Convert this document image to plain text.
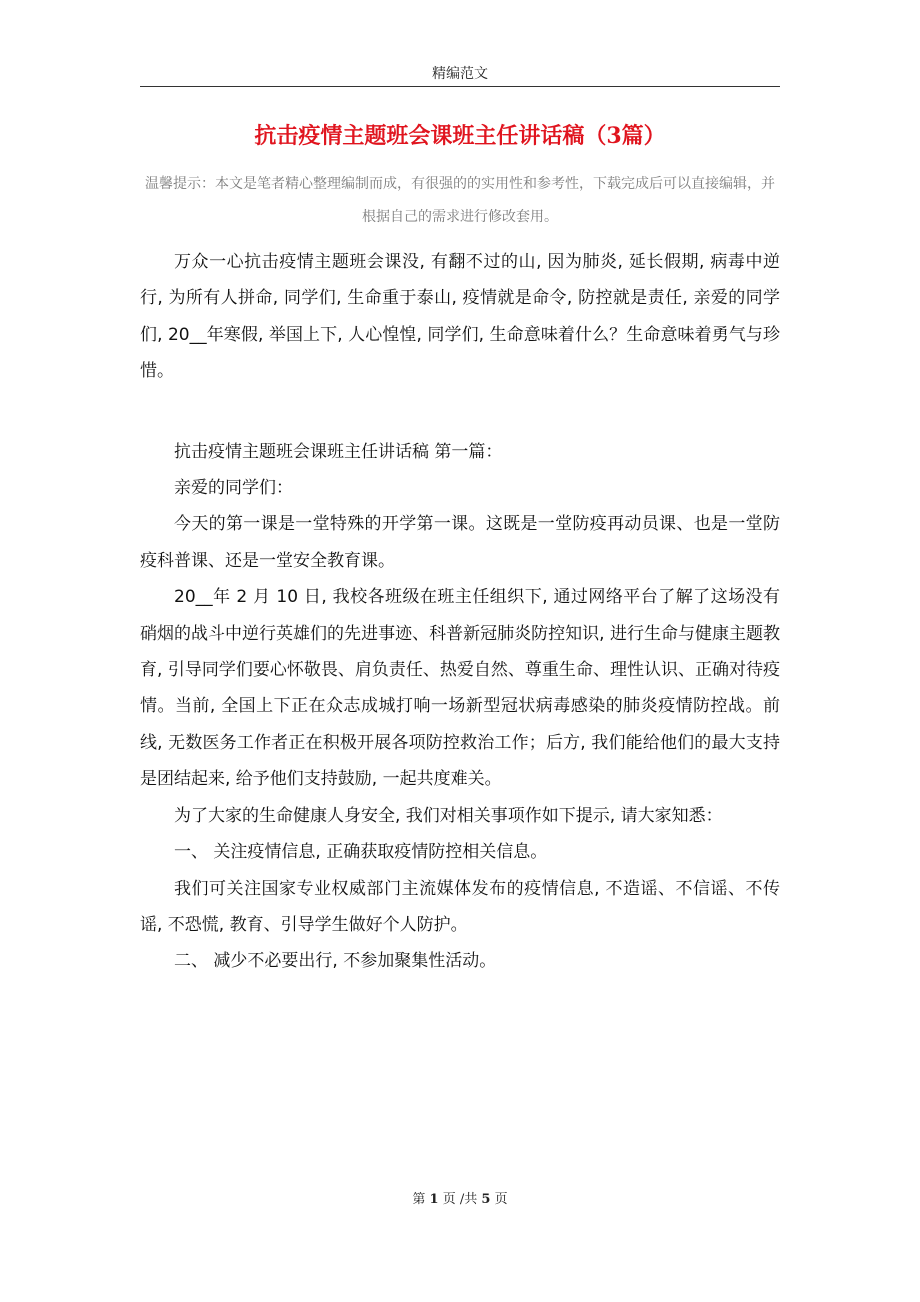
精编范文
抗击疫情主题班会课班主任讲话稿（3篇）
温馨提示：本文是笔者精心整理编制而成，有很强的的实用性和参考性，下载完成后可以直接编辑，并根据自己的需求进行修改套用。

万众一心抗击疫情主题班会课没, 有翻不过的山, 因为肺炎, 延长假期, 病毒中逆行, 为所有人拼命, 同学们, 生命重于泰山, 疫情就是命令, 防控就是责任, 亲爱的同学们, 20__年寒假, 举国上下, 人心惶惶, 同学们, 生命意味着什么？生命意味着勇气与珍惜。

抗击疫情主题班会课班主任讲话稿 第一篇：

亲爱的同学们：

今天的第一课是一堂特殊的开学第一课。这既是一堂防疫再动员课、也是一堂防疫科普课、还是一堂安全教育课。

20__年 2 月 10 日, 我校各班级在班主任组织下, 通过网络平台了解了这场没有硝烟的战斗中逆行英雄们的先进事迹、科普新冠肺炎防控知识, 进行生命与健康主题教育, 引导同学们要心怀敬畏、肩负责任、热爱自然、尊重生命、理性认识、正确对待疫情。当前, 全国上下正在众志成城打响一场新型冠状病毒感染的肺炎疫情防控战。前线, 无数医务工作者正在积极开展各项防控救治工作；后方, 我们能给他们的最大支持是团结起来, 给予他们支持鼓励, 一起共度难关。

为了大家的生命健康人身安全, 我们对相关事项作如下提示, 请大家知悉：

一、 关注疫情信息, 正确获取疫情防控相关信息。

我们可关注国家专业权威部门主流媒体发布的疫情信息, 不造谣、不信谣、不传谣, 不恐慌, 教育、引导学生做好个人防护。

二、 减少不必要出行, 不参加聚集性活动。

第 1 页 /共 5 页
